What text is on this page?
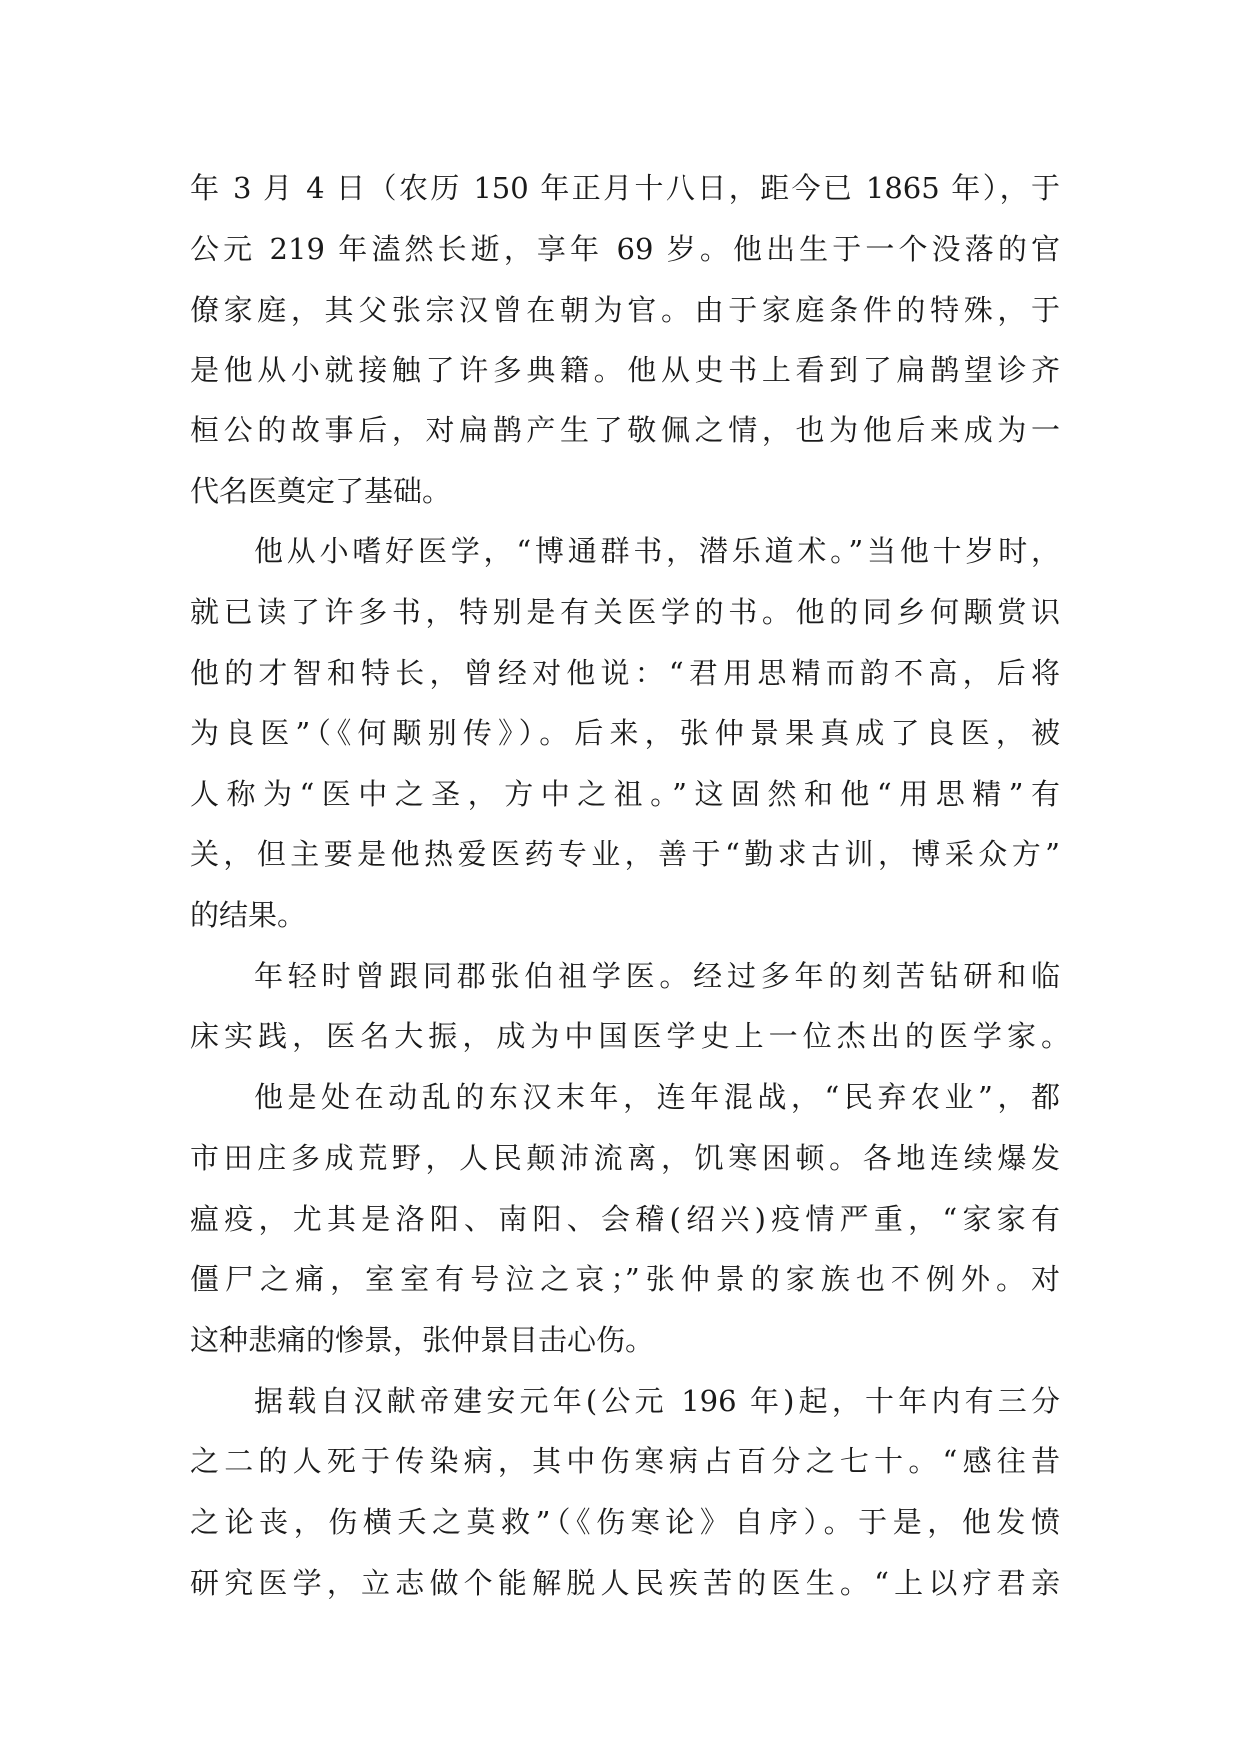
年 3 月 4 日（农历 150 年正月十八日，距今已 1865 年），于
公元 219 年溘然长逝，享年 69 岁。他出生于一个没落的官
僚家庭，其父张宗汉曾在朝为官。由于家庭条件的特殊，于
是他从小就接触了许多典籍。他从史书上看到了扁鹊望诊齐
桓公的故事后，对扁鹊产生了敬佩之情，也为他后来成为一
代名医奠定了基础。
他从小嗜好医学，“博通群书，潜乐道术。”当他十岁时，
就已读了许多书，特别是有关医学的书。他的同乡何颙赏识
他的才智和特长，曾经对他说：“君用思精而韵不高，后将
为良医”（《何颙别传》）。后来，张仲景果真成了良医，被
人称为“医中之圣，方中之祖。”这固然和他“用思精”有
关，但主要是他热爱医药专业，善于“勤求古训，博采众方”
的结果。
年轻时曾跟同郡张伯祖学医。经过多年的刻苦钻研和临
床实践，医名大振，成为中国医学史上一位杰出的医学家。
他是处在动乱的东汉末年，连年混战，“民弃农业”，都
市田庄多成荒野，人民颠沛流离，饥寒困顿。各地连续爆发
瘟疫，尤其是洛阳、南阳、会稽(绍兴)疫情严重，“家家有
僵尸之痛，室室有号泣之哀；”张仲景的家族也不例外。对
这种悲痛的惨景，张仲景目击心伤。
据载自汉献帝建安元年(公元 196 年)起，十年内有三分
之二的人死于传染病，其中伤寒病占百分之七十。“感往昔
之论丧，伤横夭之莫救”（《伤寒论》自序）。于是，他发愤
研究医学，立志做个能解脱人民疾苦的医生。“上以疗君亲
